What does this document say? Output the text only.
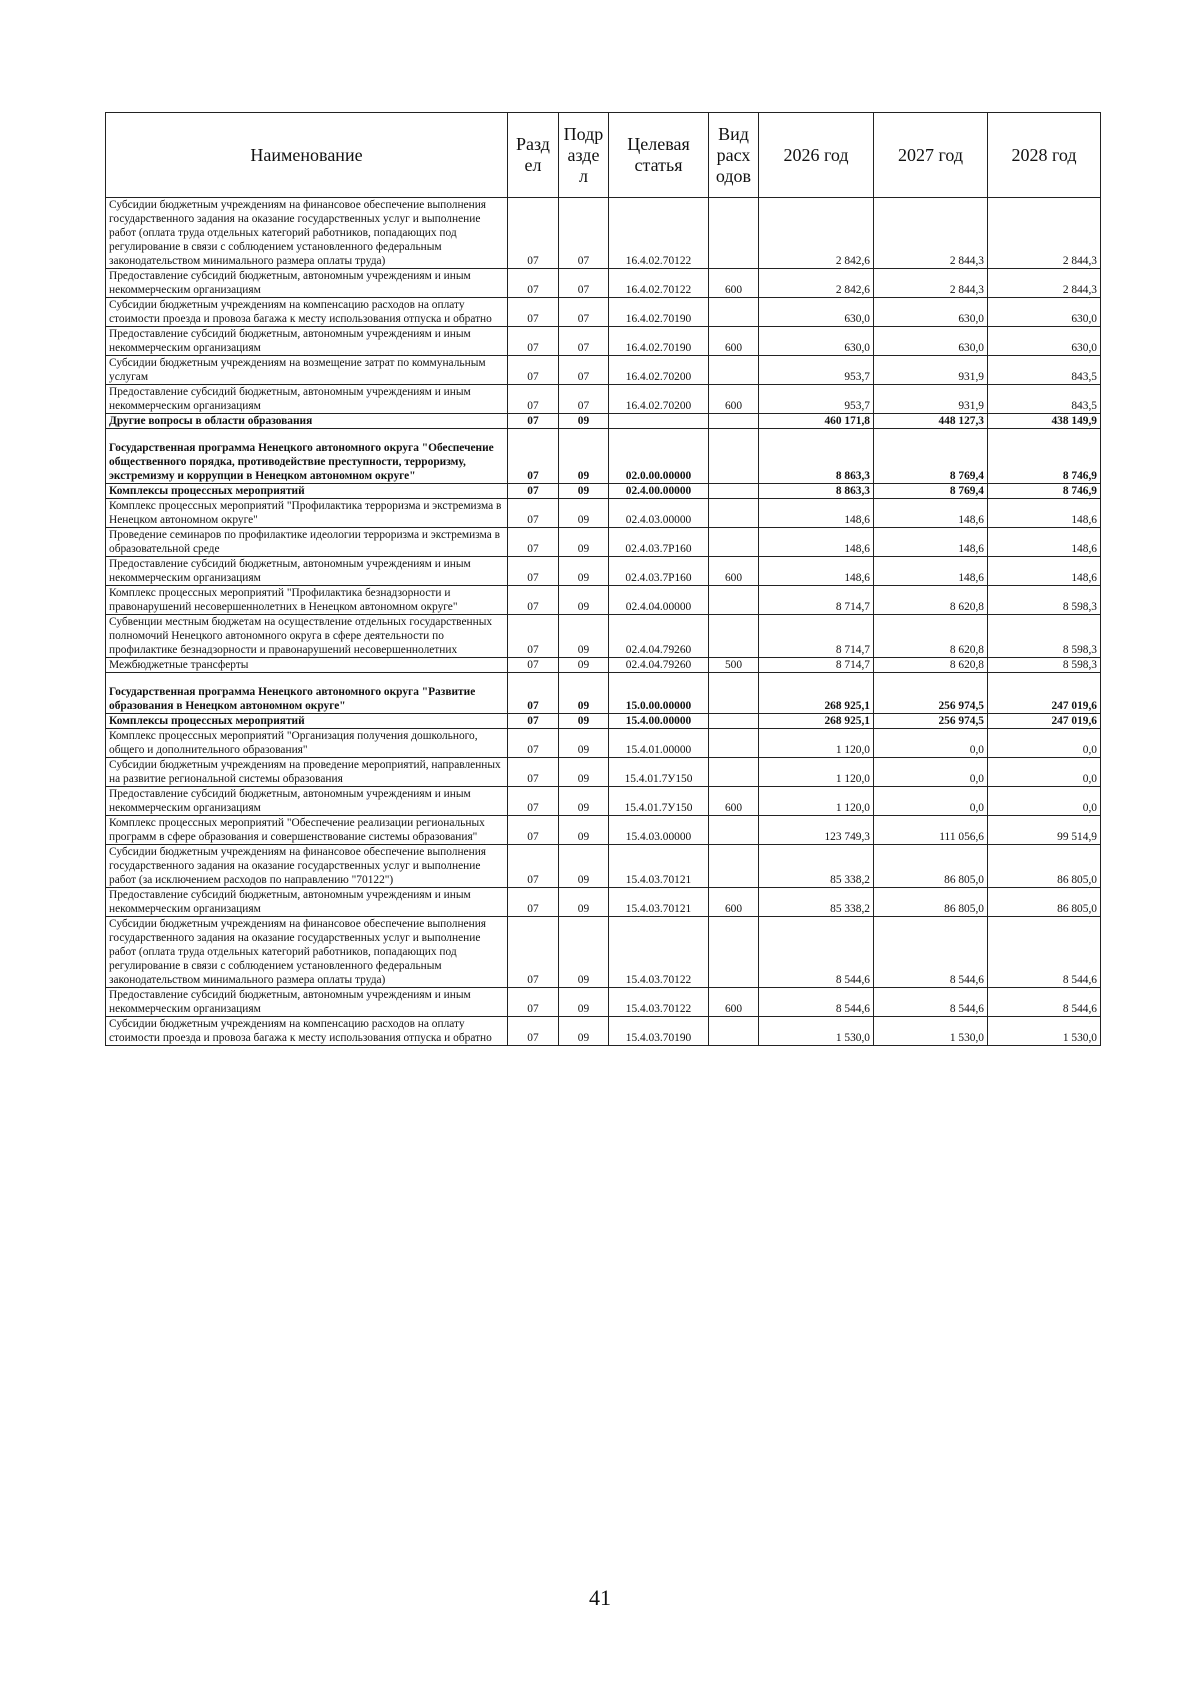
Наименование	Разд ел	Подр азде л	Целевая статья	Вид расх одов	2026 год	2027 год	2028 год
Субсидии бюджетным учреждениям на финансовое обеспечение выполнения государственного задания на оказание государственных услуг и выполнение работ (оплата труда отдельных категорий работников, попадающих под регулирование в связи с соблюдением установленного федеральным законодательством минимального размера оплаты труда)	07	07	16.4.02.70122		2 842,6	2 844,3	2 844,3
Предоставление субсидий бюджетным, автономным учреждениям и иным некоммерческим организациям	07	07	16.4.02.70122	600	2 842,6	2 844,3	2 844,3
Субсидии бюджетным учреждениям на компенсацию расходов на оплату стоимости проезда и провоза багажа к месту использования отпуска и обратно	07	07	16.4.02.70190		630,0	630,0	630,0
Предоставление субсидий бюджетным, автономным учреждениям и иным некоммерческим организациям	07	07	16.4.02.70190	600	630,0	630,0	630,0
Субсидии бюджетным учреждениям на возмещение затрат по коммунальным услугам	07	07	16.4.02.70200		953,7	931,9	843,5
Предоставление субсидий бюджетным, автономным учреждениям и иным некоммерческим организациям	07	07	16.4.02.70200	600	953,7	931,9	843,5
Другие вопросы в области образования	07	09			460 171,8	448 127,3	438 149,9
Государственная программа Ненецкого автономного округа "Обеспечение общественного порядка, противодействие преступности, терроризму, экстремизму и коррупции в Ненецком автономном округе"	07	09	02.0.00.00000		8 863,3	8 769,4	8 746,9
Комплексы процессных мероприятий	07	09	02.4.00.00000		8 863,3	8 769,4	8 746,9
Комплекс процессных мероприятий "Профилактика терроризма и экстремизма в Ненецком автономном округе"	07	09	02.4.03.00000		148,6	148,6	148,6
Проведение семинаров по профилактике идеологии терроризма и экстремизма в образовательной среде	07	09	02.4.03.7Р160		148,6	148,6	148,6
Предоставление субсидий бюджетным, автономным учреждениям и иным некоммерческим организациям	07	09	02.4.03.7Р160	600	148,6	148,6	148,6
Комплекс процессных мероприятий "Профилактика безнадзорности и правонарушений несовершеннолетних в Ненецком автономном округе"	07	09	02.4.04.00000		8 714,7	8 620,8	8 598,3
Субвенции местным бюджетам на осуществление отдельных государственных полномочий Ненецкого автономного округа в сфере деятельности по профилактике безнадзорности и правонарушений несовершеннолетних	07	09	02.4.04.79260		8 714,7	8 620,8	8 598,3
Межбюджетные трансферты	07	09	02.4.04.79260	500	8 714,7	8 620,8	8 598,3
Государственная программа Ненецкого автономного округа "Развитие образования в Ненецком автономном округе"	07	09	15.0.00.00000		268 925,1	256 974,5	247 019,6
Комплексы процессных мероприятий	07	09	15.4.00.00000		268 925,1	256 974,5	247 019,6
Комплекс процессных мероприятий "Организация получения дошкольного, общего и дополнительного образования"	07	09	15.4.01.00000		1 120,0	0,0	0,0
Субсидии бюджетным учреждениям на проведение мероприятий, направленных на развитие региональной системы образования	07	09	15.4.01.7У150		1 120,0	0,0	0,0
Предоставление субсидий бюджетным, автономным учреждениям и иным некоммерческим организациям	07	09	15.4.01.7У150	600	1 120,0	0,0	0,0
Комплекс процессных мероприятий "Обеспечение реализации региональных программ в сфере образования и совершенствование системы образования"	07	09	15.4.03.00000		123 749,3	111 056,6	99 514,9
Субсидии бюджетным учреждениям на финансовое обеспечение выполнения государственного задания на оказание государственных услуг и выполнение работ (за исключением расходов по направлению "70122")	07	09	15.4.03.70121		85 338,2	86 805,0	86 805,0
Предоставление субсидий бюджетным, автономным учреждениям и иным некоммерческим организациям	07	09	15.4.03.70121	600	85 338,2	86 805,0	86 805,0
Субсидии бюджетным учреждениям на финансовое обеспечение выполнения государственного задания на оказание государственных услуг и выполнение работ (оплата труда отдельных категорий работников, попадающих под регулирование в связи с соблюдением установленного федеральным законодательством минимального размера оплаты труда)	07	09	15.4.03.70122		8 544,6	8 544,6	8 544,6
Предоставление субсидий бюджетным, автономным учреждениям и иным некоммерческим организациям	07	09	15.4.03.70122	600	8 544,6	8 544,6	8 544,6
Субсидии бюджетным учреждениям на компенсацию расходов на оплату стоимости проезда и провоза багажа к месту использования отпуска и обратно	07	09	15.4.03.70190		1 530,0	1 530,0	1 530,0
41
